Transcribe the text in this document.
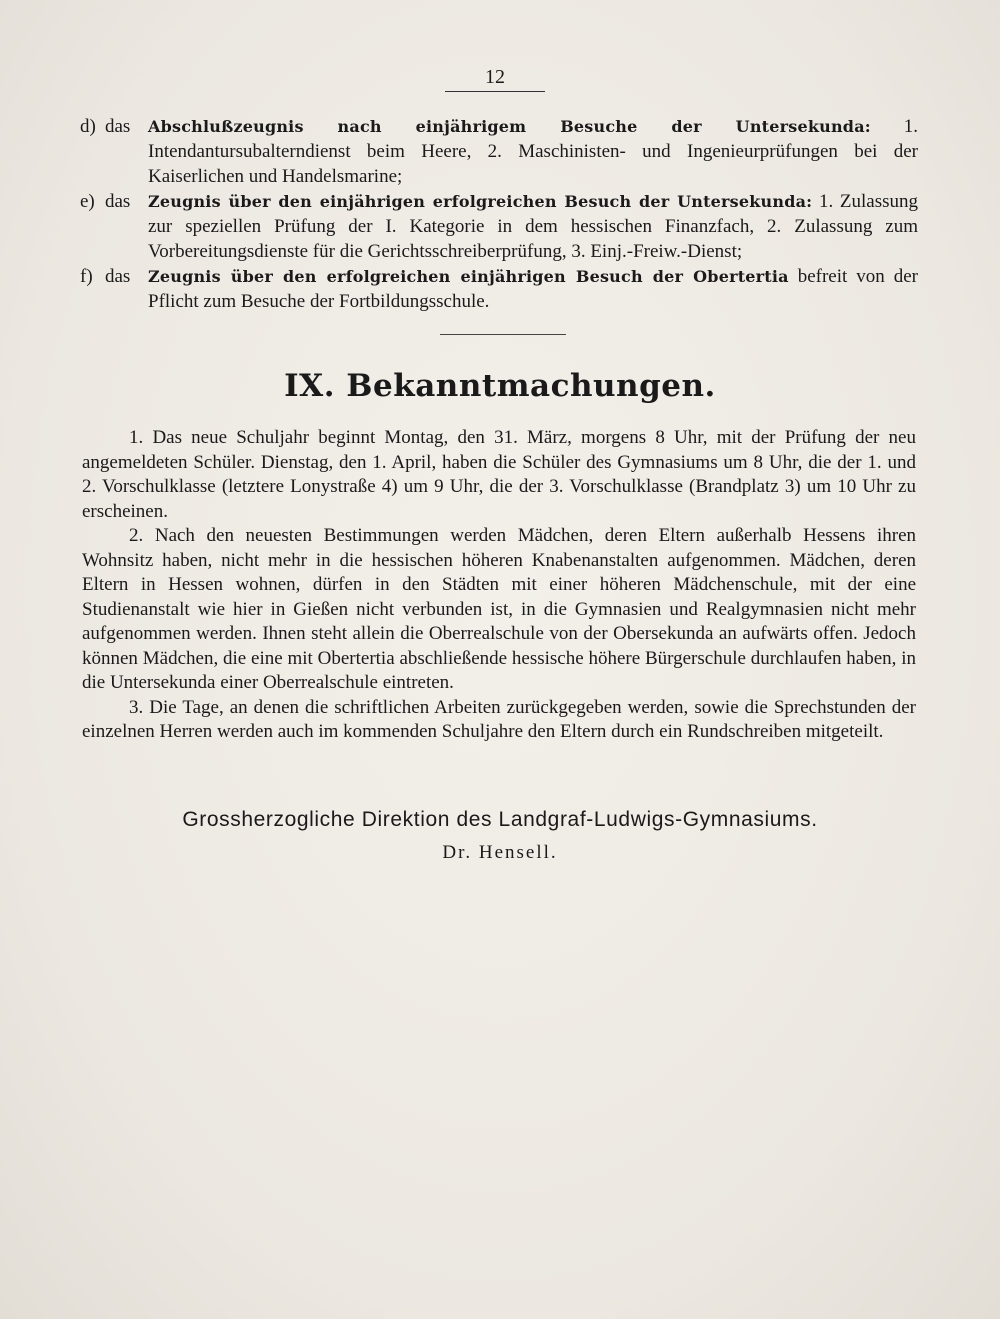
12
d) das Abschlußzeugnis nach einjährigem Besuche der Untersekunda: 1. Intendantursubalterndienst beim Heere, 2. Maschinisten- und Ingenieurprüfungen bei der Kaiserlichen und Handelsmarine;
e) das Zeugnis über den einjährigen erfolgreichen Besuch der Untersekunda: 1. Zulassung zur speziellen Prüfung der I. Kategorie in dem hessischen Finanzfach, 2. Zulassung zum Vorbereitungsdienste für die Gerichtsschreiberprüfung, 3. Einj.-Freiw.-Dienst;
f) das Zeugnis über den erfolgreichen einjährigen Besuch der Obertertia befreit von der Pflicht zum Besuche der Fortbildungsschule.
IX. Bekanntmachungen.

1. Das neue Schuljahr beginnt Montag, den 31. März, morgens 8 Uhr, mit der Prüfung der neu angemeldeten Schüler. Dienstag, den 1. April, haben die Schüler des Gymnasiums um 8 Uhr, die der 1. und 2. Vorschulklasse (letztere Lonystraße 4) um 9 Uhr, die der 3. Vorschulklasse (Brandplatz 3) um 10 Uhr zu erscheinen.

2. Nach den neuesten Bestimmungen werden Mädchen, deren Eltern außerhalb Hessens ihren Wohnsitz haben, nicht mehr in die hessischen höheren Knabenanstalten aufgenommen. Mädchen, deren Eltern in Hessen wohnen, dürfen in den Städten mit einer höheren Mädchenschule, mit der eine Studienanstalt wie hier in Gießen nicht verbunden ist, in die Gymnasien und Realgymnasien nicht mehr aufgenommen werden. Ihnen steht allein die Oberrealschule von der Obersekunda an aufwärts offen. Jedoch können Mädchen, die eine mit Obertertia abschließende hessische höhere Bürgerschule durchlaufen haben, in die Untersekunda einer Oberrealschule eintreten.

3. Die Tage, an denen die schriftlichen Arbeiten zurückgegeben werden, sowie die Sprechstunden der einzelnen Herren werden auch im kommenden Schuljahre den Eltern durch ein Rundschreiben mitgeteilt.

Grossherzogliche Direktion des Landgraf-Ludwigs-Gymnasiums.
Dr. Hensell.
